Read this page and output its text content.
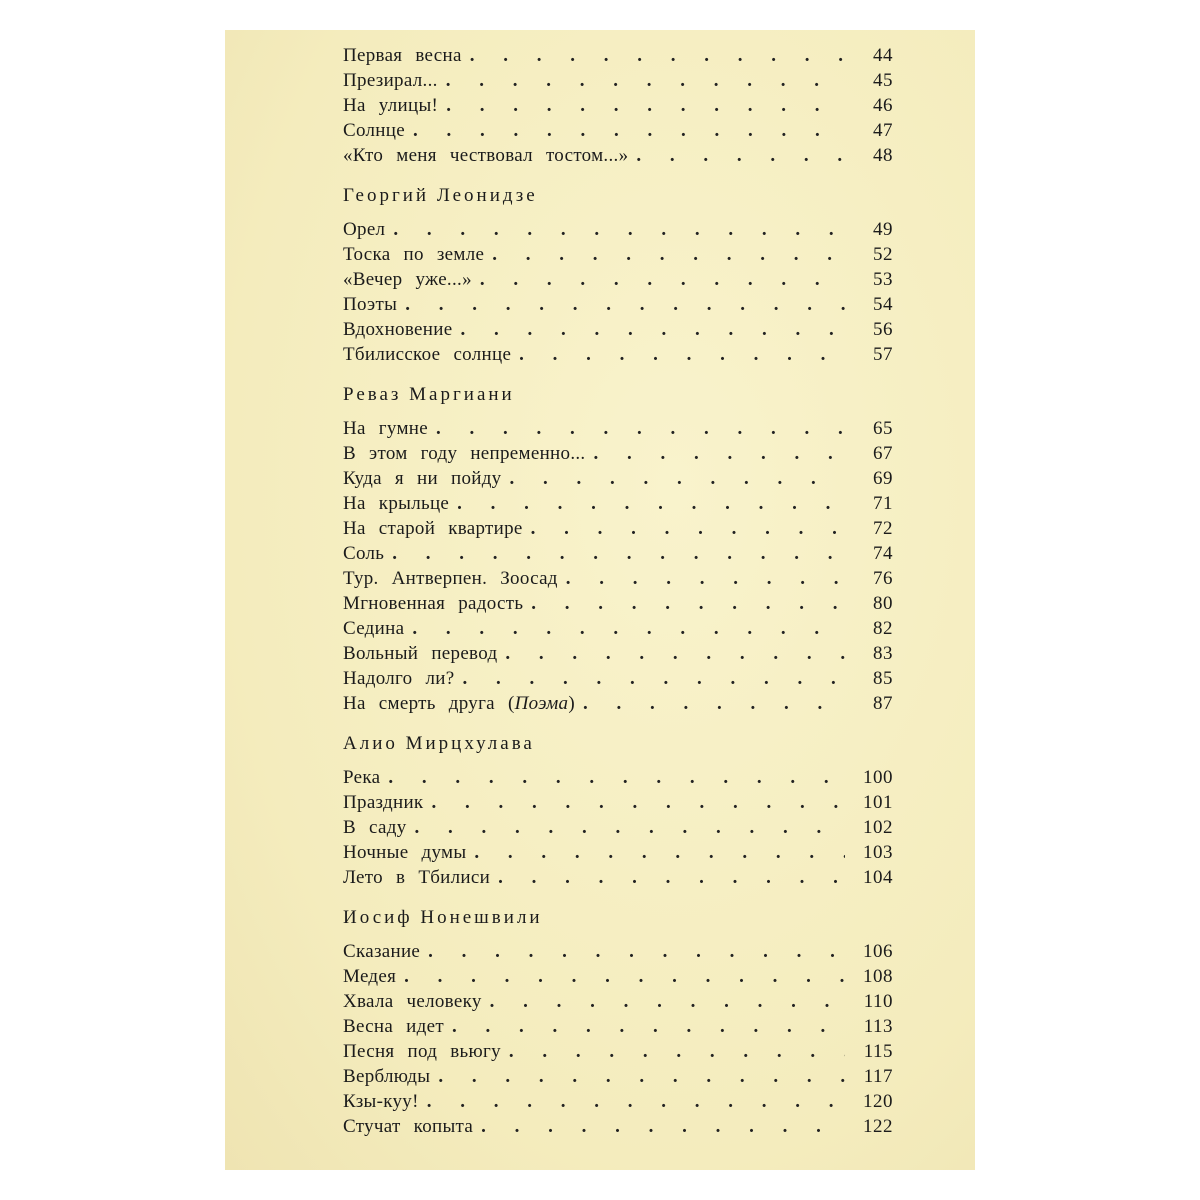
Первая весна . . .	44
Презирал... . . .	45
На улицы! . . .	46
Солнце . . .	47
«Кто меня чествовал тостом...» . . .	48
Георгий Леонидзе
Орел . . .	49
Тоска по земле . . .	52
«Вечер уже...» . . .	53
Поэты . . .	54
Вдохновение . . .	56
Тбилисское солнце . . .	57
Реваз Маргиани
На гумне . . .	65
В этом году непременно... . . .	67
Куда я ни пойду . . .	69
На крыльце . . .	71
На старой квартире . . .	72
Соль . . .	74
Тур. Антверпен. Зоосад . . .	76
Мгновенная радость . . .	80
Седина . . .	82
Вольный перевод . . .	83
Надолго ли? . . .	85
На смерть друга (Поэма) . . .	87
Алио Мирцхулава
Река . . .	100
Праздник . . .	101
В саду . . .	102
Ночные думы . . .	103
Лето в Тбилиси . . .	104
Иосиф Нонешвили
Сказание . . .	106
Медея . . .	108
Хвала человеку . . .	110
Весна идет . . .	113
Песня под вьюгу . . .	115
Верблюды . . .	117
Кзы-куу! . . .	120
Стучат копыта . . .	122
